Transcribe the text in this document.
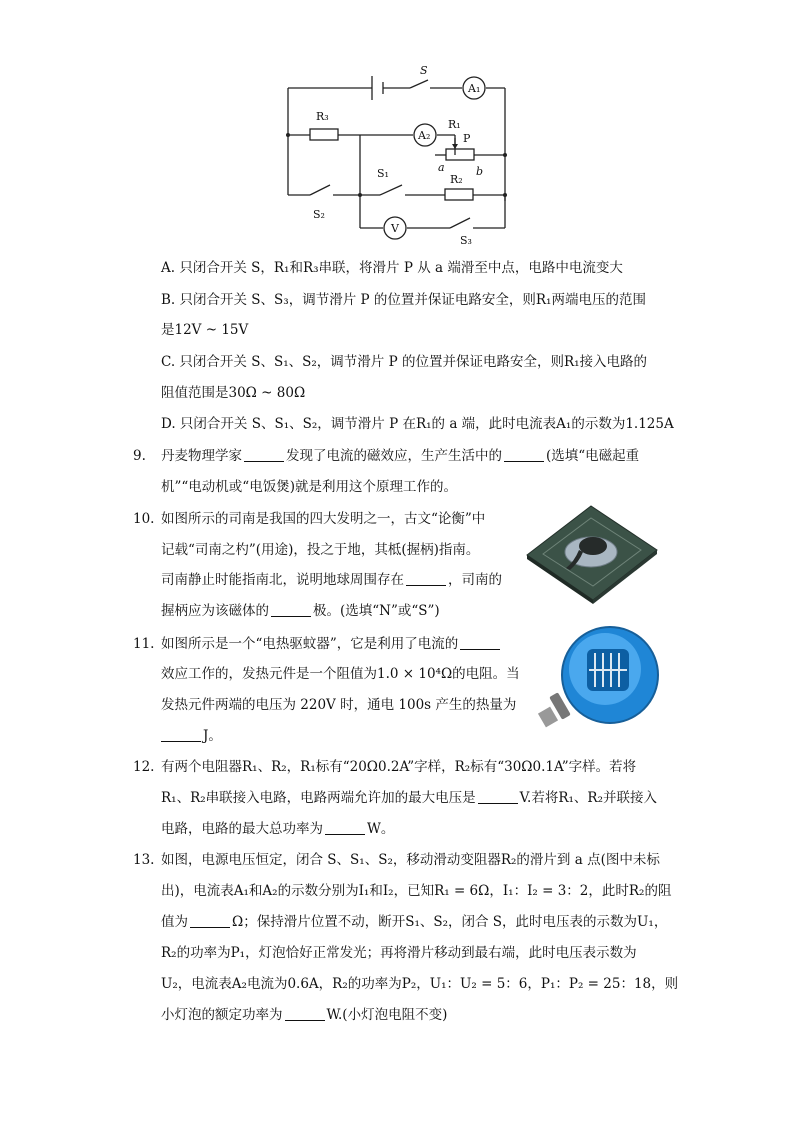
S
A₁
R₃
A₂
R₁
P
a	b
S₁	R₂
S₂
V
S₃
A. 只闭合开关 S，R₁和R₃串联，将滑片 P 从 a 端滑至中点，电路中电流变大
B. 只闭合开关 S、S₃，调节滑片 P 的位置并保证电路安全，则R₁两端电压的范围
是12V ~ 15V
C. 只闭合开关 S、S₁、S₂，调节滑片 P 的位置并保证电路安全，则R₁接入电路的
阻值范围是30Ω ~ 80Ω
D. 只闭合开关 S、S₁、S₂，调节滑片 P 在R₁的 a 端，此时电流表A₁的示数为1.125A
9. 丹麦物理学家	发现了电流的磁效应，生产生活中的	(选填“电磁起重
机”“电动机或“电饭煲)就是利用这个原理工作的。
10. 如图所示的司南是我国的四大发明之一，古文“论衡”中
记载“司南之杓”(用途)，投之于地，其柢(握柄)指南。
司南静止时能指南北，说明地球周围存在	，司南的
握柄应为该磁体的	极。(选填“N”或“S”)
11. 如图所示是一个“电热驱蚊器”，它是利用了电流的
效应工作的，发热元件是一个阻值为1.0 × 10⁴Ω的电阻。当
发热元件两端的电压为 220V 时，通电 100s 产生的热量为
J。
12. 有两个电阻器R₁、R₂，R₁标有“20Ω0.2A”字样，R₂标有“30Ω0.1A”字样。若将
R₁、R₂串联接入电路，电路两端允许加的最大电压是	V.若将R₁、R₂并联接入
电路，电路的最大总功率为	W。
13. 如图，电源电压恒定，闭合 S、S₁、S₂，移动滑动变阻器R₂的滑片到 a 点(图中未标
出)，电流表A₁和A₂的示数分别为I₁和I₂，已知R₁ = 6Ω，I₁：I₂ = 3：2，此时R₂的阻
值为	Ω；保持滑片位置不动，断开S₁、S₂，闭合 S，此时电压表的示数为U₁，
R₂的功率为P₁，灯泡恰好正常发光；再将滑片移动到最右端，此时电压表示数为
U₂，电流表A₂电流为0.6A，R₂的功率为P₂，U₁：U₂ = 5：6，P₁：P₂ = 25：18，则
小灯泡的额定功率为	W.(小灯泡电阻不变)
